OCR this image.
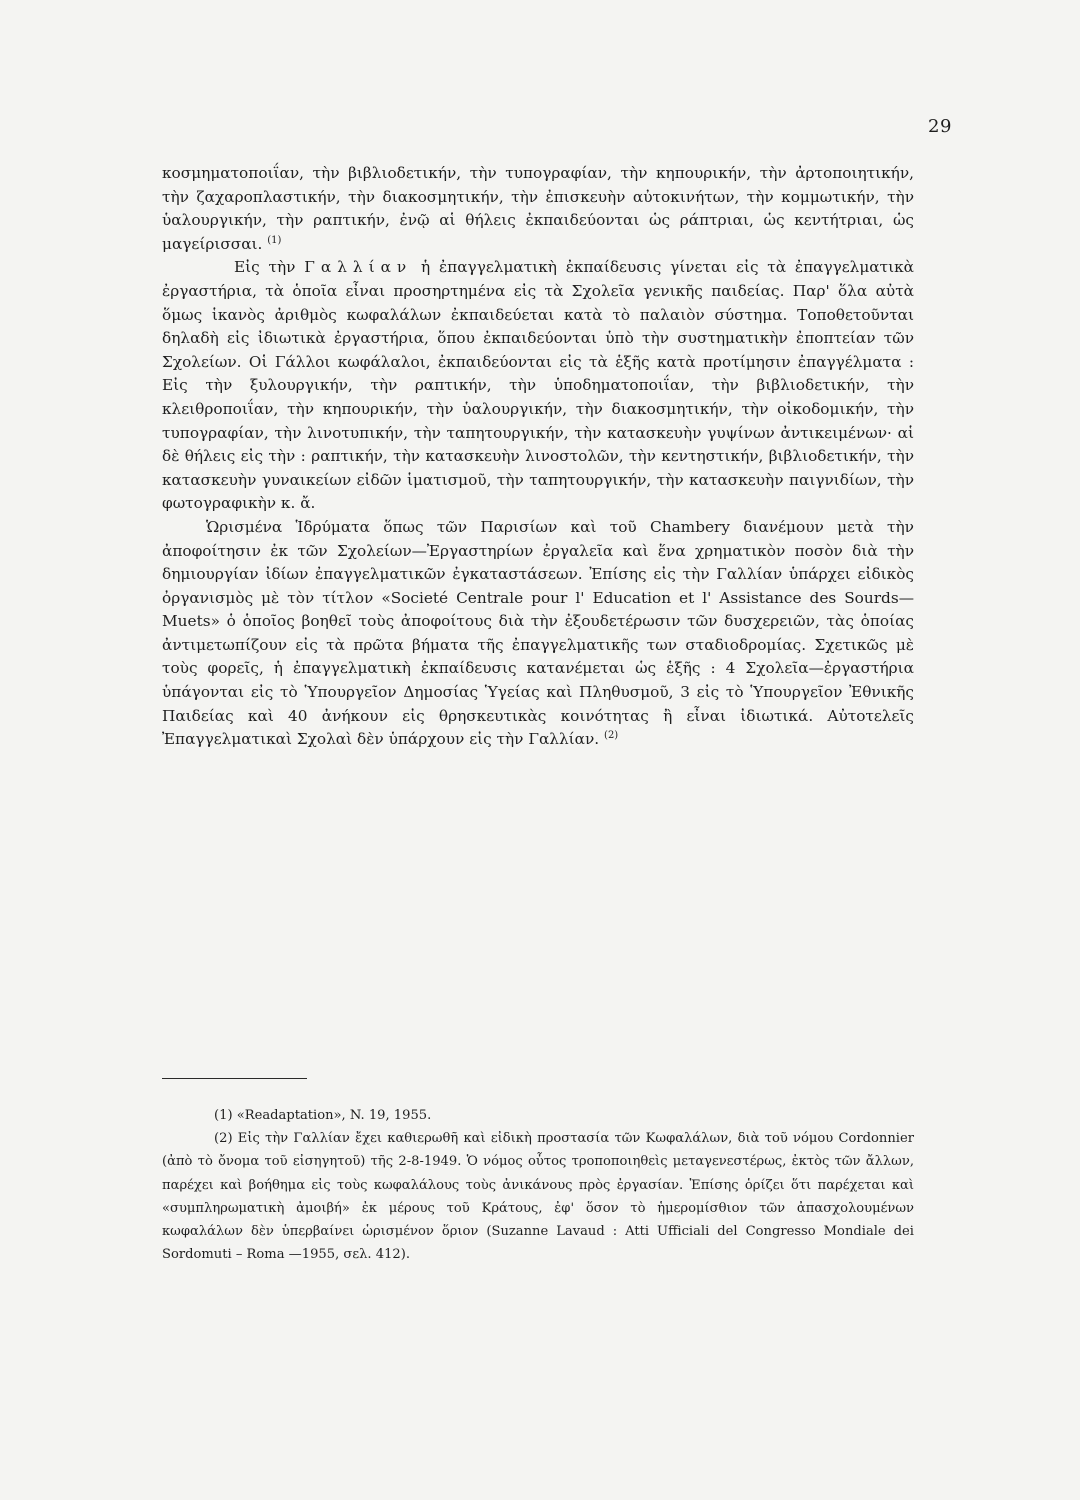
29

κοσμηματοποιΐαν, τὴν βιβλιοδετικήν, τὴν τυπογραφίαν, τὴν κηπουρικήν, τὴν ἀρτοποιητικήν, τὴν ζαχαροπλαστικήν, τὴν διακοσμητικήν, τὴν ἐπισκευὴν αὐτοκινήτων, τὴν κομμωτικήν, τὴν ὑαλουργικήν, τὴν ραπτικήν, ἐνῷ αἱ θήλεις ἐκπαιδεύονται ὡς ράπτριαι, ὡς κεντήτριαι, ὡς μαγείρισσαι. $^{(1)}$

Εἰς τὴν Γαλλίαν ἡ ἐπαγγελματικὴ ἐκπαίδευσις γίνεται εἰς τὰ ἐπαγγελματικὰ ἐργαστήρια, τὰ ὁποῖα εἶναι προσηρτημένα εἰς τὰ Σχολεῖα γενικῆς παιδείας. Παρ' ὅλα αὐτὰ ὅμως ἱκανὸς ἀριθμὸς κωφαλάλων ἐκπαιδεύεται κατὰ τὸ παλαιὸν σύστημα. Τοποθετοῦνται δηλαδὴ εἰς ἰδιωτικὰ ἐργαστήρια, ὅπου ἐκπαιδεύονται ὑπὸ τὴν συστηματικὴν ἐποπτείαν τῶν Σχολείων. Οἱ Γάλλοι κωφάλαλοι, ἐκπαιδεύονται εἰς τὰ ἑξῆς κατὰ προτίμησιν ἐπαγγέλματα : Εἰς τὴν ξυλουργικήν, τὴν ραπτικήν, τὴν ὑποδηματοποιΐαν, τὴν βιβλιοδετικήν, τὴν κλειθροποιΐαν, τὴν κηπουρικήν, τὴν ὑαλουργικήν, τὴν διακοσμητικήν, τὴν οἰκοδομικήν, τὴν τυπογραφίαν, τὴν λινοτυπικήν, τὴν ταπητουργικήν, τὴν κατασκευὴν γυψίνων ἀντικειμένων· αἱ δὲ θήλεις εἰς τὴν : ραπτικήν, τὴν κατασκευὴν λινοστολῶν, τὴν κεντηστικήν, βιβλιοδετικήν, τὴν κατασκευὴν γυναικείων εἰδῶν ἱματισμοῦ, τὴν ταπητουργικήν, τὴν κατασκευὴν παιγνιδίων, τὴν φωτογραφικὴν κ. ἄ.

Ὡρισμένα Ἱδρύματα ὅπως τῶν Παρισίων καὶ τοῦ Chambery διανέμουν μετὰ τὴν ἀποφοίτησιν ἐκ τῶν Σχολείων—Ἐργαστηρίων ἐργαλεῖα καὶ ἕνα χρηματικὸν ποσὸν διὰ τὴν δημιουργίαν ἰδίων ἐπαγγελματικῶν ἐγκαταστάσεων. Ἐπίσης εἰς τὴν Γαλλίαν ὑπάρχει εἰδικὸς ὀργανισμὸς μὲ τὸν τίτλον «Societé Centrale pour l' Education et l' Assistance des Sourds—Muets» ὁ ὁποῖος βοηθεῖ τοὺς ἀποφοίτους διὰ τὴν ἐξουδετέρωσιν τῶν δυσχερειῶν, τὰς ὁποίας ἀντιμετωπίζουν εἰς τὰ πρῶτα βήματα τῆς ἐπαγγελματικῆς των σταδιοδρομίας. Σχετικῶς μὲ τοὺς φορεῖς, ἡ ἐπαγγελματικὴ ἐκπαίδευσις κατανέμεται ὡς ἑξῆς : 4 Σχολεῖα—ἐργαστήρια ὑπάγονται εἰς τὸ Ὑπουργεῖον Δημοσίας Ὑγείας καὶ Πληθυσμοῦ, 3 εἰς τὸ Ὑπουργεῖον Ἐθνικῆς Παιδείας καὶ 40 ἀνήκουν εἰς θρησκευτικὰς κοινότητας ἢ εἶναι ἰδιωτικά. Αὐτοτελεῖς Ἐπαγγελματικαὶ Σχολαὶ δὲν ὑπάρχουν εἰς τὴν Γαλλίαν. $^{(2)}$

(1) «Readaptation», N. 19, 1955.

(2) Εἰς τὴν Γαλλίαν ἔχει καθιερωθῆ καὶ εἰδικὴ προστασία τῶν Κωφαλάλων, διὰ τοῦ νόμου Cordonnier (ἀπὸ τὸ ὄνομα τοῦ εἰσηγητοῦ) τῆς 2-8-1949. Ὁ νόμος οὗτος τροποποιηθεὶς μεταγενεστέρως, ἐκτὸς τῶν ἄλλων, παρέχει καὶ βοήθημα εἰς τοὺς κωφαλάλους τοὺς ἀνικάνους πρὸς ἐργασίαν. Ἐπίσης ὁρίζει ὅτι παρέχεται καὶ «συμπληρωματικὴ ἀμοιβή» ἐκ μέρους τοῦ Κράτους, ἐφ' ὅσον τὸ ἡμερομίσθιον τῶν ἀπασχολουμένων κωφαλάλων δὲν ὑπερβαίνει ὡρισμένον ὅριον (Suzanne Lavaud : Atti Ufficiali del Congresso Mondiale dei Sordomuti – Roma —1955, σελ. 412).
